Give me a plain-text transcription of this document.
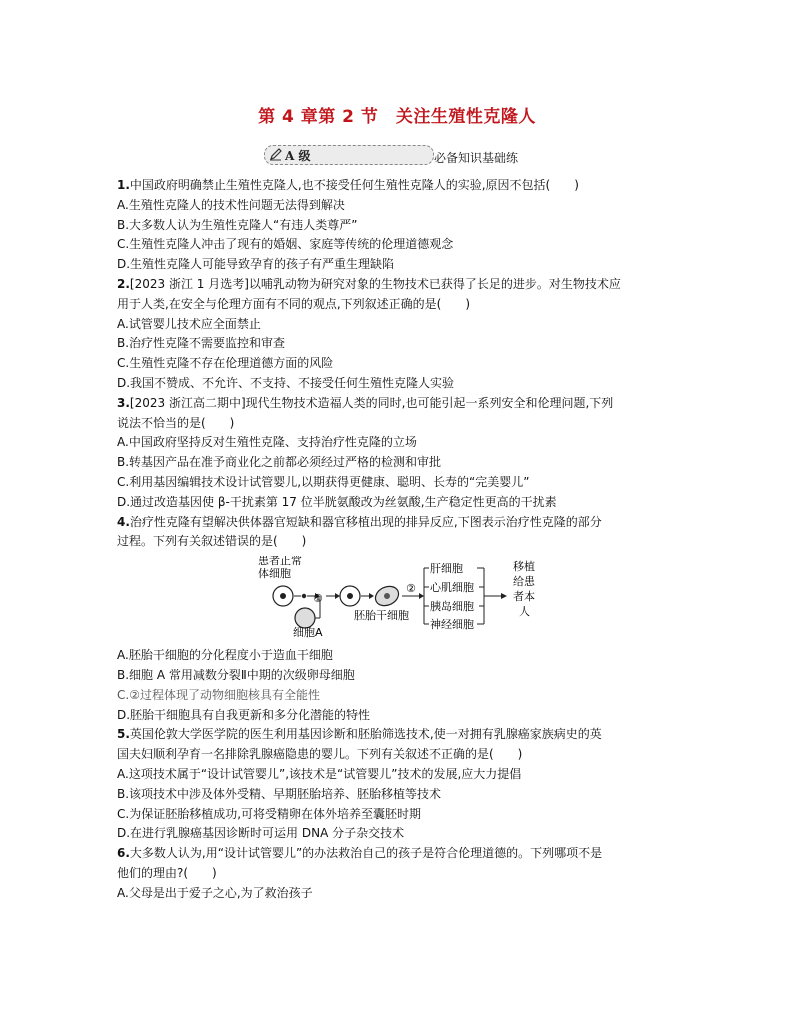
第 4 章第 2 节　关注生殖性克隆人
A 级	必备知识基础练

1.中国政府明确禁止生殖性克隆人,也不接受任何生殖性克隆人的实验,原因不包括(　　)

A.生殖性克隆人的技术性问题无法得到解决

B.大多数人认为生殖性克隆人“有违人类尊严”

C.生殖性克隆人冲击了现有的婚姻、家庭等传统的伦理道德观念

D.生殖性克隆人可能导致孕育的孩子有严重生理缺陷

2.[2023 浙江 1 月选考]以哺乳动物为研究对象的生物技术已获得了长足的进步。对生物技术应

用于人类,在安全与伦理方面有不同的观点,下列叙述正确的是(　　)

A.试管婴儿技术应全面禁止

B.治疗性克隆不需要监控和审查

C.生殖性克隆不存在伦理道德方面的风险

D.我国不赞成、不允许、不支持、不接受任何生殖性克隆人实验

3.[2023 浙江高二期中]现代生物技术造福人类的同时,也可能引起一系列安全和伦理问题,下列

说法不恰当的是(　　)

A.中国政府坚持反对生殖性克隆、支持治疗性克隆的立场

B.转基因产品在准予商业化之前都必须经过严格的检测和审批

C.利用基因编辑技术设计试管婴儿,以期获得更健康、聪明、长寿的“完美婴儿”

D.通过改造基因使 β-干扰素第 17 位半胱氨酸改为丝氨酸,生产稳定性更高的干扰素

4.治疗性克隆有望解决供体器官短缺和器官移植出现的排异反应,下图表示治疗性克隆的部分

过程。下列有关叙述错误的是(　　)

患者正常
体细胞
细胞A
①
胚胎干细胞
②
肝细胞
心肌细胞
胰岛细胞
神经细胞
移植
给患
者本
人

A.胚胎干细胞的分化程度小于造血干细胞

B.细胞 A 常用减数分裂Ⅱ中期的次级卵母细胞

C.②过程体现了动物细胞核具有全能性

D.胚胎干细胞具有自我更新和多分化潜能的特性

5.英国伦敦大学医学院的医生利用基因诊断和胚胎筛选技术,使一对拥有乳腺癌家族病史的英

国夫妇顺利孕育一名排除乳腺癌隐患的婴儿。下列有关叙述不正确的是(　　)

A.这项技术属于“设计试管婴儿”,该技术是“试管婴儿”技术的发展,应大力提倡

B.该项技术中涉及体外受精、早期胚胎培养、胚胎移植等技术

C.为保证胚胎移植成功,可将受精卵在体外培养至囊胚时期

D.在进行乳腺癌基因诊断时可运用 DNA 分子杂交技术

6.大多数人认为,用“设计试管婴儿”的办法救治自己的孩子是符合伦理道德的。下列哪项不是

他们的理由?(　　)

A.父母是出于爱子之心,为了救治孩子
